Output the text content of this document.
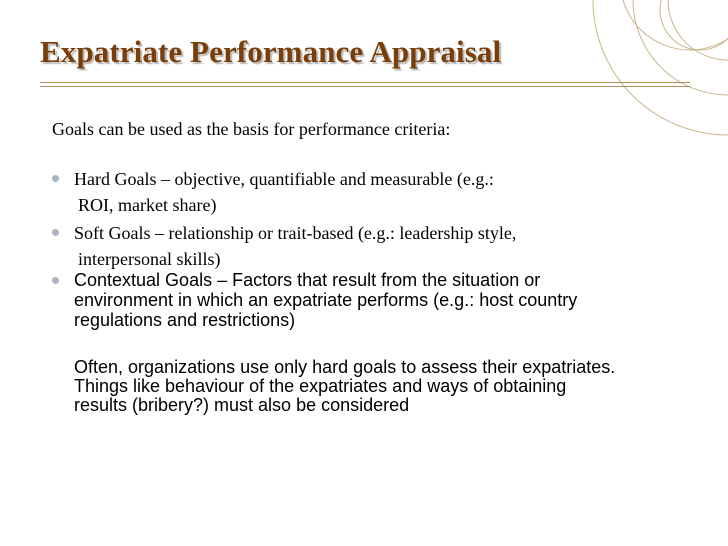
Expatriate Performance Appraisal
Goals can be used as the basis for performance criteria:
Hard Goals – objective, quantifiable and measurable (e.g.:
ROI, market share)
Soft Goals – relationship or trait-based (e.g.: leadership style,
interpersonal skills)
Contextual Goals – Factors that result from the situation or
environment in which an expatriate performs (e.g.: host country
regulations and restrictions)
Often, organizations use only hard goals to assess their expatriates.
Things like behaviour of the expatriates and ways of obtaining
results (bribery?) must also be considered
